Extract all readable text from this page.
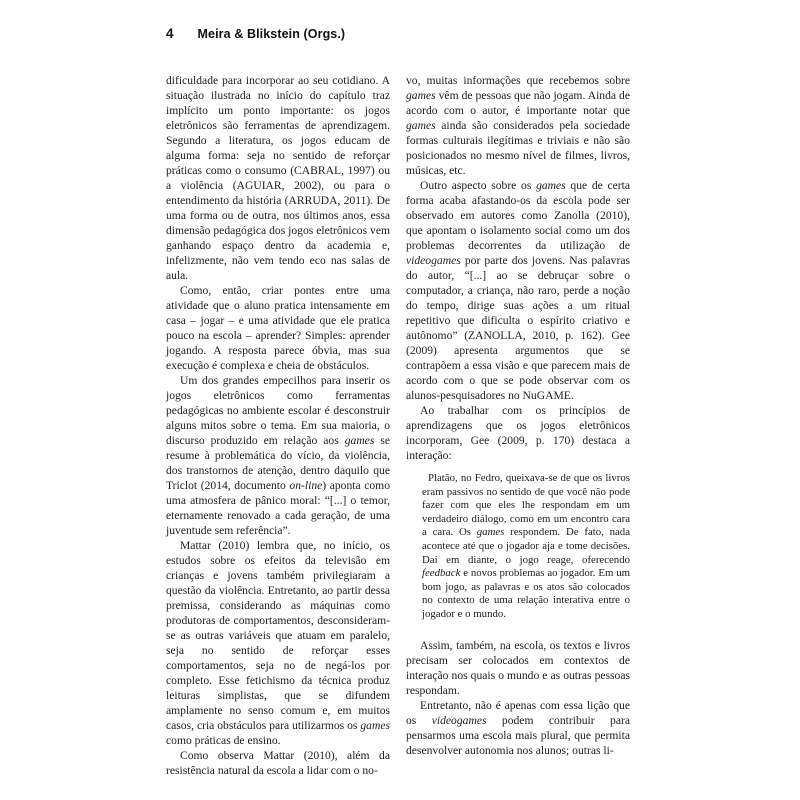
4 Meira & Blikstein (Orgs.)

dificuldade para incorporar ao seu cotidiano. A situação ilustrada no início do capítulo traz implícito um ponto importante: os jogos eletrônicos são ferramentas de aprendizagem. Segundo a literatura, os jogos educam de alguma forma: seja no sentido de reforçar práticas como o consumo (CABRAL, 1997) ou a violência (AGUIAR, 2002), ou para o entendimento da história (ARRUDA, 2011). De uma forma ou de outra, nos últimos anos, essa dimensão pedagógica dos jogos eletrônicos vem ganhando espaço dentro da academia e, infelizmente, não vem tendo eco nas salas de aula.

Como, então, criar pontes entre uma atividade que o aluno pratica intensamente em casa – jogar – e uma atividade que ele pratica pouco na escola – aprender? Simples: aprender jogando. A resposta parece óbvia, mas sua execução é complexa e cheia de obstáculos.

Um dos grandes empecilhos para inserir os jogos eletrônicos como ferramentas pedagógicas no ambiente escolar é desconstruir alguns mitos sobre o tema. Em sua maioria, o discurso produzido em relação aos games se resume à problemática do vício, da violência, dos transtornos de atenção, dentro daquilo que Triclot (2014, documento on-line) aponta como uma atmosfera de pânico moral: “[...] o temor, eternamente renovado a cada geração, de uma juventude sem referência”.

Mattar (2010) lembra que, no início, os estudos sobre os efeitos da televisão em crianças e jovens também privilegiaram a questão da violência. Entretanto, ao partir dessa premissa, considerando as máquinas como produtoras de comportamentos, desconsideram-se as outras variáveis que atuam em paralelo, seja no sentido de reforçar esses comportamentos, seja no de negá-los por completo. Esse fetichismo da técnica produz leituras simplistas, que se difundem amplamente no senso comum e, em muitos casos, cria obstáculos para utilizarmos os games como práticas de ensino.

Como observa Mattar (2010), além da resistência natural da escola a lidar com o no-

vo, muitas informações que recebemos sobre games vêm de pessoas que não jogam. Ainda de acordo com o autor, é importante notar que games ainda são considerados pela sociedade formas culturais ilegítimas e triviais e não são posicionados no mesmo nível de filmes, livros, músicas, etc.

Outro aspecto sobre os games que de certa forma acaba afastando-os da escola pode ser observado em autores como Zanolla (2010), que apontam o isolamento social como um dos problemas decorrentes da utilização de videogames por parte dos jovens. Nas palavras do autor, “[...] ao se debruçar sobre o computador, a criança, não raro, perde a noção do tempo, dirige suas ações a um ritual repetitivo que dificulta o espírito criativo e autônomo” (ZANOLLA, 2010, p. 162). Gee (2009) apresenta argumentos que se contrapõem a essa visão e que parecem mais de acordo com o que se pode observar com os alunos-pesquisadores no NuGAME.

Ao trabalhar com os princípios de aprendizagens que os jogos eletrônicos incorporam, Gee (2009, p. 170) destaca a interação:

Platão, no Fedro, queixava-se de que os livros eram passivos no sentido de que você não pode fazer com que eles lhe respondam em um verdadeiro diálogo, como em um encontro cara a cara. Os games respondem. De fato, nada acontece até que o jogador aja e tome decisões. Daí em diante, o jogo reage, oferecendo feedback e novos problemas ao jogador. Em um bom jogo, as palavras e os atos são colocados no contexto de uma relação interativa entre o jogador e o mundo.

Assim, também, na escola, os textos e livros precisam ser colocados em contextos de interação nos quais o mundo e as outras pessoas respondam.

Entretanto, não é apenas com essa lição que os videogames podem contribuir para pensarmos uma escola mais plural, que permita desenvolver autonomia nos alunos; outras li-
